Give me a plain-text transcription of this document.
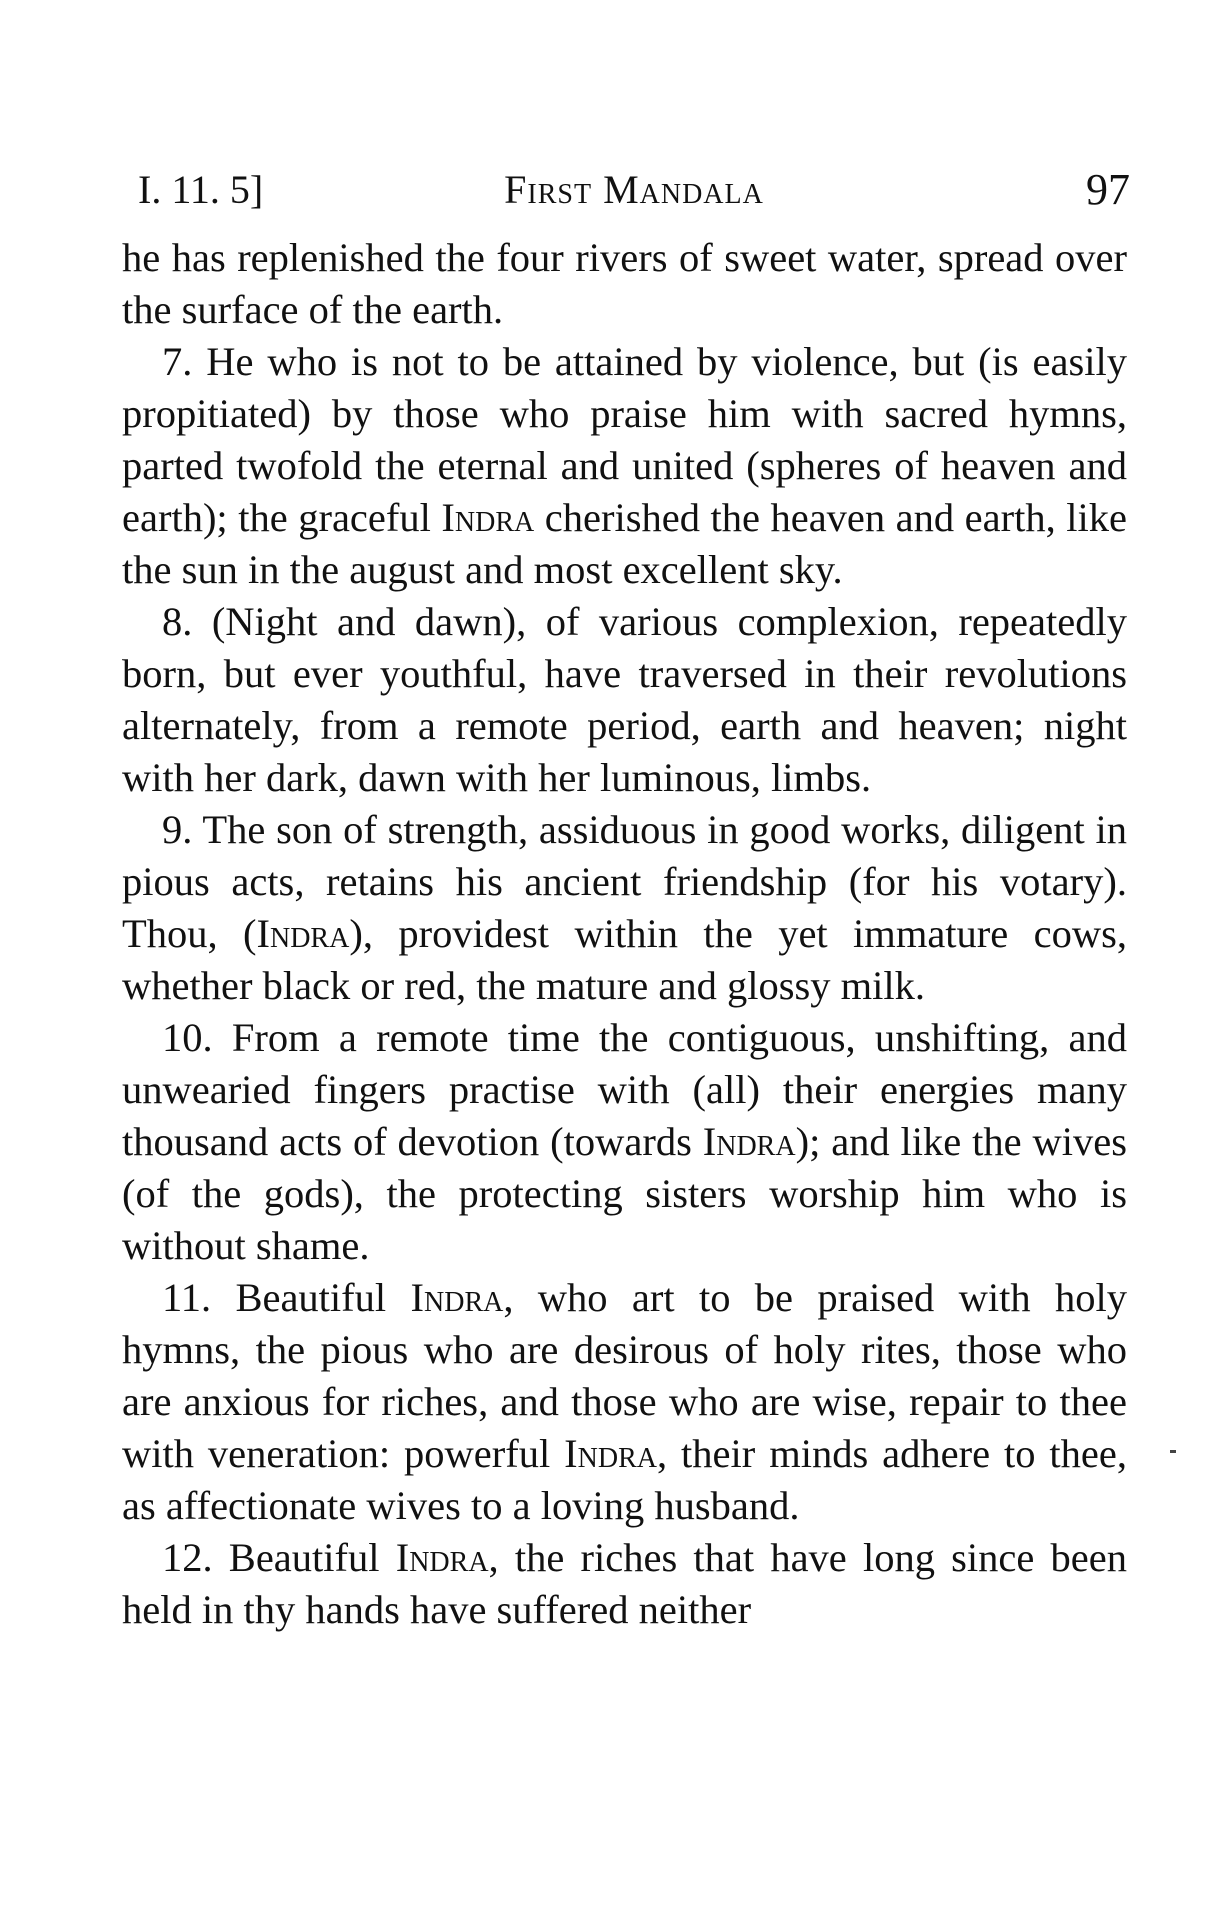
I. 11. 5]	First Mandala	97

he has replenished the four rivers of sweet water, spread over the surface of the earth.

7. He who is not to be attained by violence, but (is easily propitiated) by those who praise him with sacred hymns, parted twofold the eternal and united (spheres of heaven and earth); the graceful Indra cherished the heaven and earth, like the sun in the august and most excellent sky.

8. (Night and dawn), of various complexion, repeatedly born, but ever youthful, have traversed in their revolutions alternately, from a remote period, earth and heaven; night with her dark, dawn with her luminous, limbs.

9. The son of strength, assiduous in good works, diligent in pious acts, retains his ancient friendship (for his votary). Thou, (Indra), providest within the yet immature cows, whether black or red, the mature and glossy milk.

10. From a remote time the contiguous, unshifting, and unwearied fingers practise with (all) their energies many thousand acts of devotion (towards Indra); and like the wives (of the gods), the protecting sisters worship him who is without shame.

11. Beautiful Indra, who art to be praised with holy hymns, the pious who are desirous of holy rites, those who are anxious for riches, and those who are wise, repair to thee with veneration: powerful Indra, their minds adhere to thee, as affectionate wives to a loving husband.

12. Beautiful Indra, the riches that have long since been held in thy hands have suffered neither
